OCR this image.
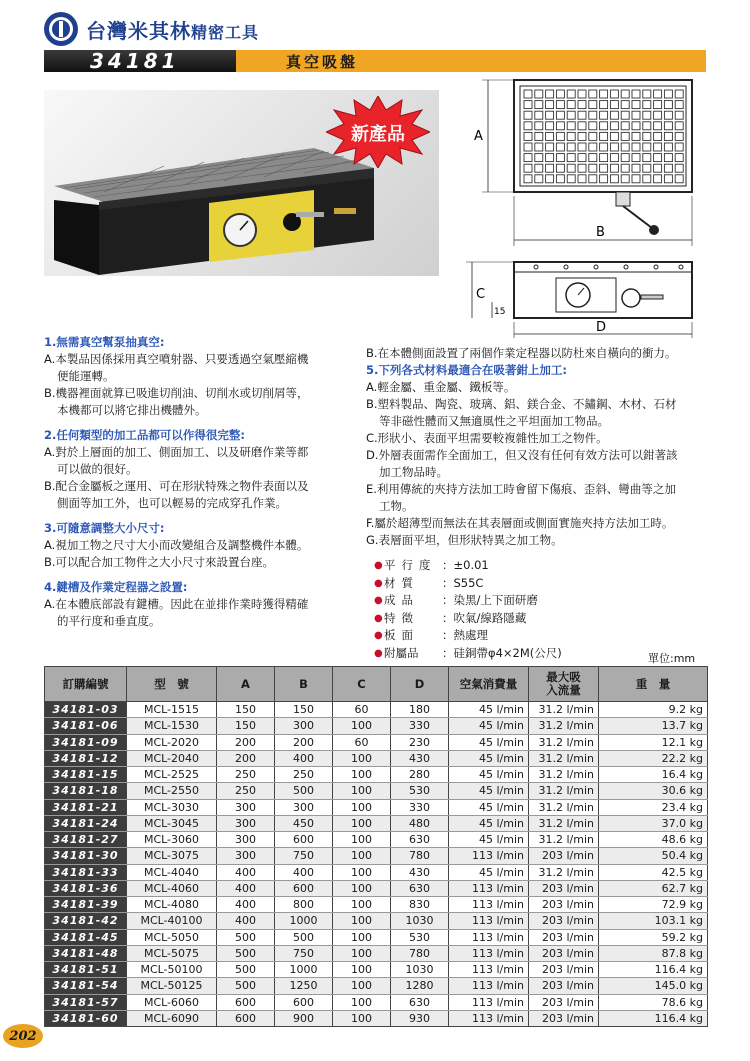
台灣米其林精密工具
34181	真空吸盤
新產品	A
B
C
15
D
1.無需真空幫泵抽真空:
A.本製品因係採用真空噴射器、只要透過空氣壓縮機
便能運轉。
B.機器裡面就算已吸進切削油、切削水或切削屑等，
本機都可以將它排出機體外。
2.任何類型的加工品都可以作得很完整:
A.對於上層面的加工、側面加工、以及研磨作業等都
可以做的很好。
B.配合金屬板之運用、可在形狀特殊之物件表面以及
側面等加工外，也可以輕易的完成穿孔作業。
3.可隨意調整大小尺寸:
A.視加工物之尺寸大小而改變組合及調整機件本體。
B.可以配合加工物件之大小尺寸來設置台座。
4.鍵槽及作業定程器之設置:
A.在本體底部設有鍵槽。因此在並排作業時獲得精確
的平行度和垂直度。
B.在本體側面設置了兩個作業定程器以防杜來自橫向的衝力。
5.下列各式材料最適合在吸著鉗上加工:
A.輕金屬、重金屬、鐵板等。
B.塑料製品、陶瓷、玻璃、鋁、鎂合金、不鏽鋼、木材、石材
等非磁性體而又無適風性之平坦面加工物品。
C.形狀小、表面平坦需要較複雜性加工之物件。
D.外層表面需作全面加工，但又沒有任何有效方法可以鉗著該
加工物品時。
E.利用傳統的夾持方法加工時會留下傷痕、歪斜、彎曲等之加
工物。
F.屬於超薄型而無法在其表層面或側面實施夾持方法加工時。
G.表層面平坦，但形狀特異之加工物。
● 平行度 ：±0.01
● 材質	：S55C
● 成品	：染黑/上下面研磨
● 特徵	：吹氣/線路隱藏
● 板面	：熱處理
● 附屬品	：硅銅帶φ4×2M(公尺)	單位:mm
訂購編號	型　號	A	B	C	D	空氣消費量	最大吸入流量	重　量
34181-03	MCL-1515	150	150	60	180	45 l/min	31.2 l/min	9.2 kg
34181-06	MCL-1530	150	300	100	330	45 l/min	31.2 l/min	13.7 kg
34181-09	MCL-2020	200	200	60	230	45 l/min	31.2 l/min	12.1 kg
34181-12	MCL-2040	200	400	100	430	45 l/min	31.2 l/min	22.2 kg
34181-15	MCL-2525	250	250	100	280	45 l/min	31.2 l/min	16.4 kg
34181-18	MCL-2550	250	500	100	530	45 l/min	31.2 l/min	30.6 kg
34181-21	MCL-3030	300	300	100	330	45 l/min	31.2 l/min	23.4 kg
34181-24	MCL-3045	300	450	100	480	45 l/min	31.2 l/min	37.0 kg
34181-27	MCL-3060	300	600	100	630	45 l/min	31.2 l/min	48.6 kg
34181-30	MCL-3075	300	750	100	780	113 l/min	203 l/min	50.4 kg
34181-33	MCL-4040	400	400	100	430	45 l/min	31.2 l/min	42.5 kg
34181-36	MCL-4060	400	600	100	630	113 l/min	203 l/min	62.7 kg
34181-39	MCL-4080	400	800	100	830	113 l/min	203 l/min	72.9 kg
34181-42	MCL-40100	400	1000	100	1030	113 l/min	203 l/min	103.1 kg
34181-45	MCL-5050	500	500	100	530	113 l/min	203 l/min	59.2 kg
34181-48	MCL-5075	500	750	100	780	113 l/min	203 l/min	87.8 kg
34181-51	MCL-50100	500	1000	100	1030	113 l/min	203 l/min	116.4 kg
34181-54	MCL-50125	500	1250	100	1280	113 l/min	203 l/min	145.0 kg
34181-57	MCL-6060	600	600	100	630	113 l/min	203 l/min	78.6 kg
34181-60	MCL-6090	600	900	100	930	113 l/min	203 l/min	116.4 kg
202
